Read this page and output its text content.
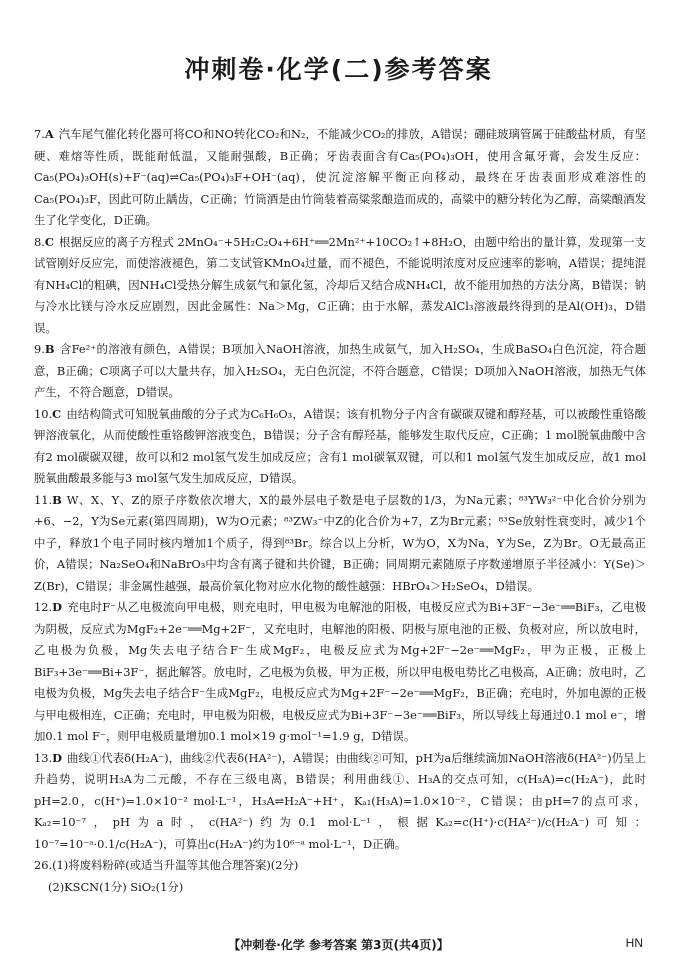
冲刺卷·化学(二)参考答案

7.A 汽车尾气催化转化器可将CO和NO转化CO₂和N₂，不能减少CO₂的排放，A错误；硼硅玻璃管属于硅酸盐材质，有坚硬、难熔等性质，既能耐低温，又能耐强酸，B正确；牙齿表面含有Ca₅(PO₄)₃OH，使用含氟牙膏，会发生反应：Ca₅(PO₄)₃OH(s)+F⁻(aq)⇌Ca₅(PO₄)₃F+OH⁻(aq)，使沉淀溶解平衡正向移动，最终在牙齿表面形成难溶性的Ca₅(PO₄)₃F，因此可防止龋齿，C正确；竹筒酒是由竹筒装着高粱浆酿造而成的，高粱中的糖分转化为乙醇，高粱酿酒发生了化学变化，D正确。

8.C 根据反应的离子方程式 2MnO₄⁻+5H₂C₂O₄+6H⁺══2Mn²⁺+10CO₂↑+8H₂O，由题中给出的量计算，发现第一支试管刚好反应完，而使溶液褪色，第二支试管KMnO₄过量，而不褪色，不能说明浓度对反应速率的影响，A错误；提纯混有NH₄Cl的粗碘，因NH₄Cl受热分解生成氨气和氯化氢，冷却后又结合成NH₄Cl，故不能用加热的方法分离，B错误；钠与冷水比镁与冷水反应剧烈，因此金属性：Na＞Mg，C正确；由于水解，蒸发AlCl₃溶液最终得到的是Al(OH)₃，D错误。

9.B 含Fe²⁺的溶液有颜色，A错误；B项加入NaOH溶液，加热生成氨气，加入H₂SO₄，生成BaSO₄白色沉淀，符合题意，B正确；C项离子可以大量共存，加入H₂SO₄，无白色沉淀，不符合题意，C错误；D项加入NaOH溶液，加热无气体产生，不符合题意，D错误。

10.C 由结构简式可知脱氧曲酸的分子式为C₆H₆O₃，A错误；该有机物分子内含有碳碳双键和醇羟基，可以被酸性重铬酸钾溶液氧化，从而使酸性重铬酸钾溶液变色，B错误；分子含有醇羟基，能够发生取代反应，C正确；1 mol脱氧曲酸中含有2 mol碳碳双键，故可以和2 mol氢气发生加成反应；含有1 mol碳氧双键，可以和1 mol氢气发生加成反应，故1 mol脱氧曲酸最多能与3 mol氢气发生加成反应，D错误。

11.B W、X、Y、Z的原子序数依次增大，X的最外层电子数是电子层数的1/3，为Na元素；⁸³YW₃²⁻中化合价分别为+6、−2，Y为Se元素(第四周期)，W为O元素；⁸³ZW₃⁻中Z的化合价为+7，Z为Br元素；⁸³Se放射性衰变时，减少1个中子，释放1个电子同时核内增加1个质子，得到⁸³Br。综合以上分析，W为O，X为Na，Y为Se，Z为Br。O无最高正价，A错误；Na₂SeO₄和NaBrO₃中均含有离子键和共价键，B正确；同周期元素随原子序数递增原子半径减小：Y(Se)＞Z(Br)，C错误；非金属性越强，最高价氧化物对应水化物的酸性越强：HBrO₄＞H₂SeO₄，D错误。

12.D 充电时F⁻从乙电极流向甲电极，则充电时，甲电极为电解池的阳极，电极反应式为Bi+3F⁻−3e⁻══BiF₃，乙电极为阴极，反应式为MgF₂+2e⁻══Mg+2F⁻，又充电时，电解池的阳极、阴极与原电池的正极、负极对应，所以放电时，乙电极为负极，Mg失去电子结合F⁻生成MgF₂，电极反应式为Mg+2F⁻−2e⁻══MgF₂，甲为正极，正极上BiF₃+3e⁻══Bi+3F⁻，据此解答。放电时，乙电极为负极，甲为正极，所以甲电极电势比乙电极高，A正确；放电时，乙电极为负极，Mg失去电子结合F⁻生成MgF₂，电极反应式为Mg+2F⁻−2e⁻══MgF₂，B正确；充电时，外加电源的正极与甲电极相连，C正确；充电时，甲电极为阳极，电极反应式为Bi+3F⁻−3e⁻══BiF₃，所以导线上每通过0.1 mol e⁻，增加0.1 mol F⁻，则甲电极质量增加0.1 mol×19 g·mol⁻¹=1.9 g，D错误。

13.D 曲线①代表δ(H₂A⁻)，曲线②代表δ(HA²⁻)，A错误；由曲线②可知，pH为a后继续滴加NaOH溶液δ(HA²⁻)仍呈上升趋势，说明H₃A为二元酸，不存在三级电离，B错误；利用曲线①、H₃A的交点可知，c(H₃A)=c(H₂A⁻)，此时pH=2.0，c(H⁺)=1.0×10⁻² mol·L⁻¹，H₃A⇌H₂A⁻+H⁺，Kₐ₁(H₃A)=1.0×10⁻²，C错误；由pH=7的点可求，Kₐ₂=10⁻⁷，pH为a时，c(HA²⁻)约为0.1 mol·L⁻¹，根据Kₐ₂=c(H⁺)·c(HA²⁻)/c(H₂A⁻)可知：10⁻⁷=10⁻ᵃ·0.1/c(H₂A⁻)，可算出c(H₂A⁻)约为10⁶⁻ᵃ mol·L⁻¹，D正确。

26.(1)将废料粉碎(或适当升温等其他合理答案)(2分)

(2)KSCN(1分) SiO₂(1分)

【冲刺卷·化学 参考答案 第3页(共4页)】	HN
